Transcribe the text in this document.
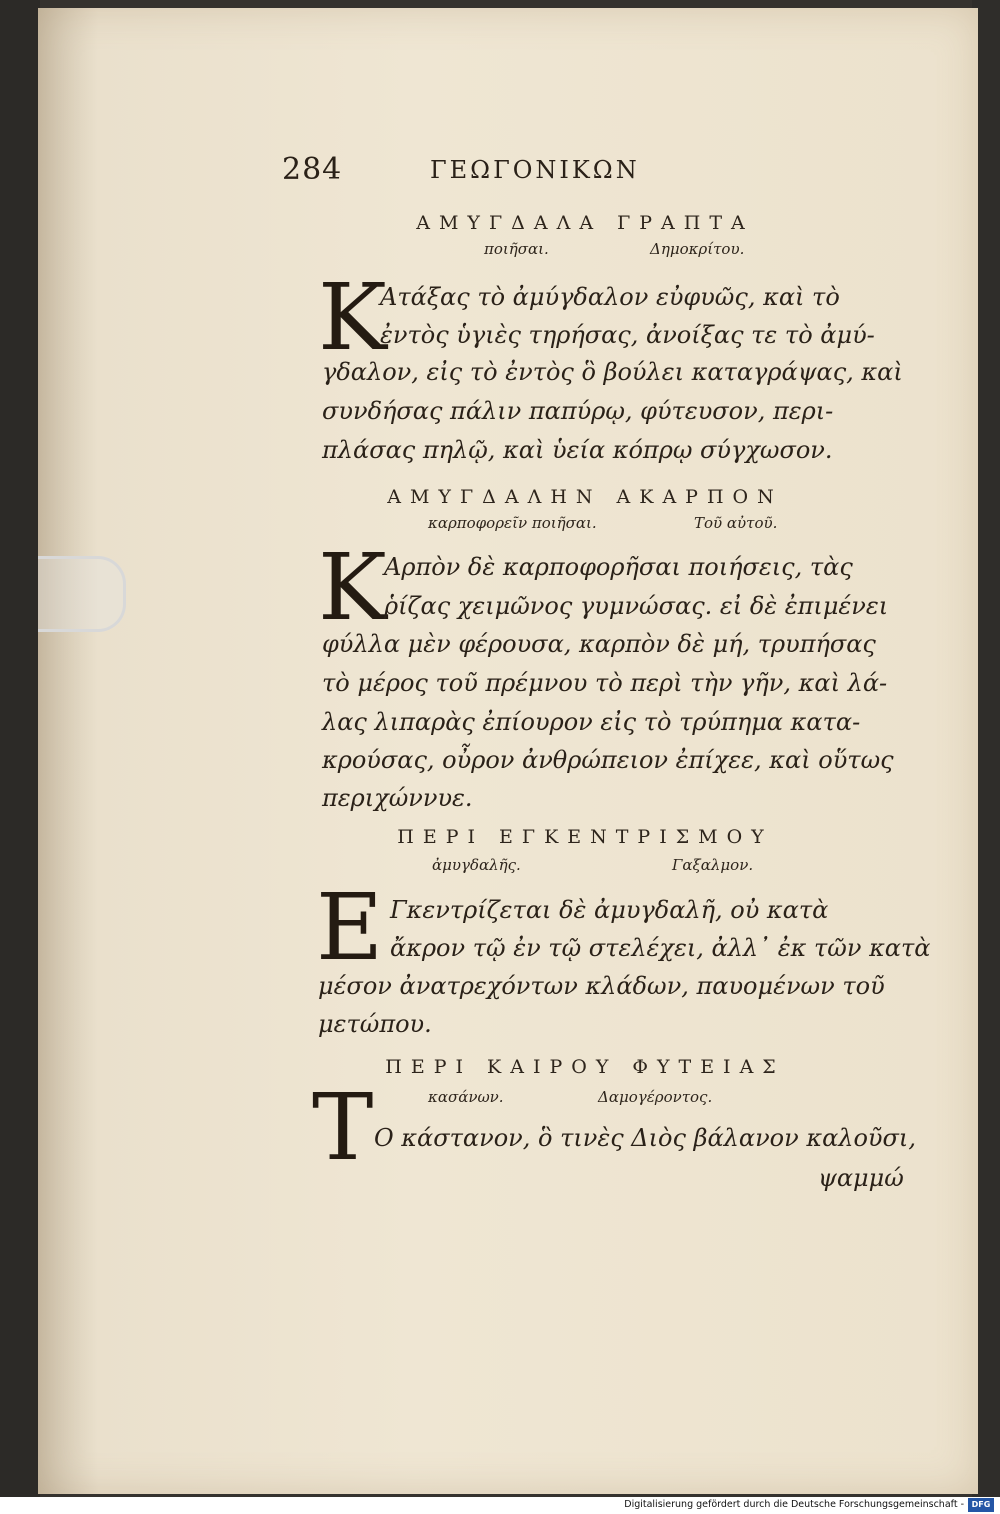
284	ΓΕΩΓΟΝΙΚΩΝ
ΑΜΥΓΔΑΛΑ ΓΡΑΠΤΑ
ποιῆσαι.	Δημοκρίτου.
K
Ατάξας τὸ ἀμύγδαλον εὐφυῶς, καὶ τὸ
ἐντὸς ὑγιὲς τηρήσας, ἀνοίξας τε τὸ ἀμύ-
γδαλον, εἰς τὸ ἐντὸς ὃ βούλει καταγράψας, καὶ
συνδήσας πάλιν παπύρῳ, φύτευσον, περι-
πλάσας πηλῷ, καὶ ὑεία κόπρῳ σύγχωσον.
ΑΜΥΓΔΑΛΗΝ ΑΚΑΡΠΟΝ
καρποφορεῖν ποιῆσαι.	Τοῦ αὐτοῦ.
K
Αρπὸν δὲ καρποφορῆσαι ποιήσεις, τὰς
ῥίζας χειμῶνος γυμνώσας. εἰ δὲ ἐπιμένει
φύλλα μὲν φέρουσα, καρπὸν δὲ μή, τρυπήσας
τὸ μέρος τοῦ πρέμνου τὸ περὶ τὴν γῆν, καὶ λά-
λας λιπαρὰς ἐπίουρον εἰς τὸ τρύπημα κατα-
κρούσας, οὖρον ἀνθρώπειον ἐπίχεε, καὶ οὕτως
περιχώννυε.
ΠΕΡΙ ΕΓΚΕΝΤΡΙΣΜΟΥ
ἀμυγδαλῆς.	Γαξαλμον.
E Γκεντρίζεται δὲ ἀμυγδαλῆ, οὐ κατὰ
ἄκρον τῷ ἐν τῷ στελέχει, ἀλλ᾽ ἐκ τῶν κατὰ
μέσον ἀνατρεχόντων κλάδων, παυομένων τοῦ
μετώπου.
ΠΕΡΙ ΚΑΙΡΟΥ ΦΥΤΕΙΑΣ
κασάνων.	Δαμογέροντος.
T Ο κάστανον, ὃ τινὲς Διὸς βάλανον καλοῦσι,
ψαμμώ
Digitalisierung gefördert durch die Deutsche Forschungsgemeinschaft - DFG
